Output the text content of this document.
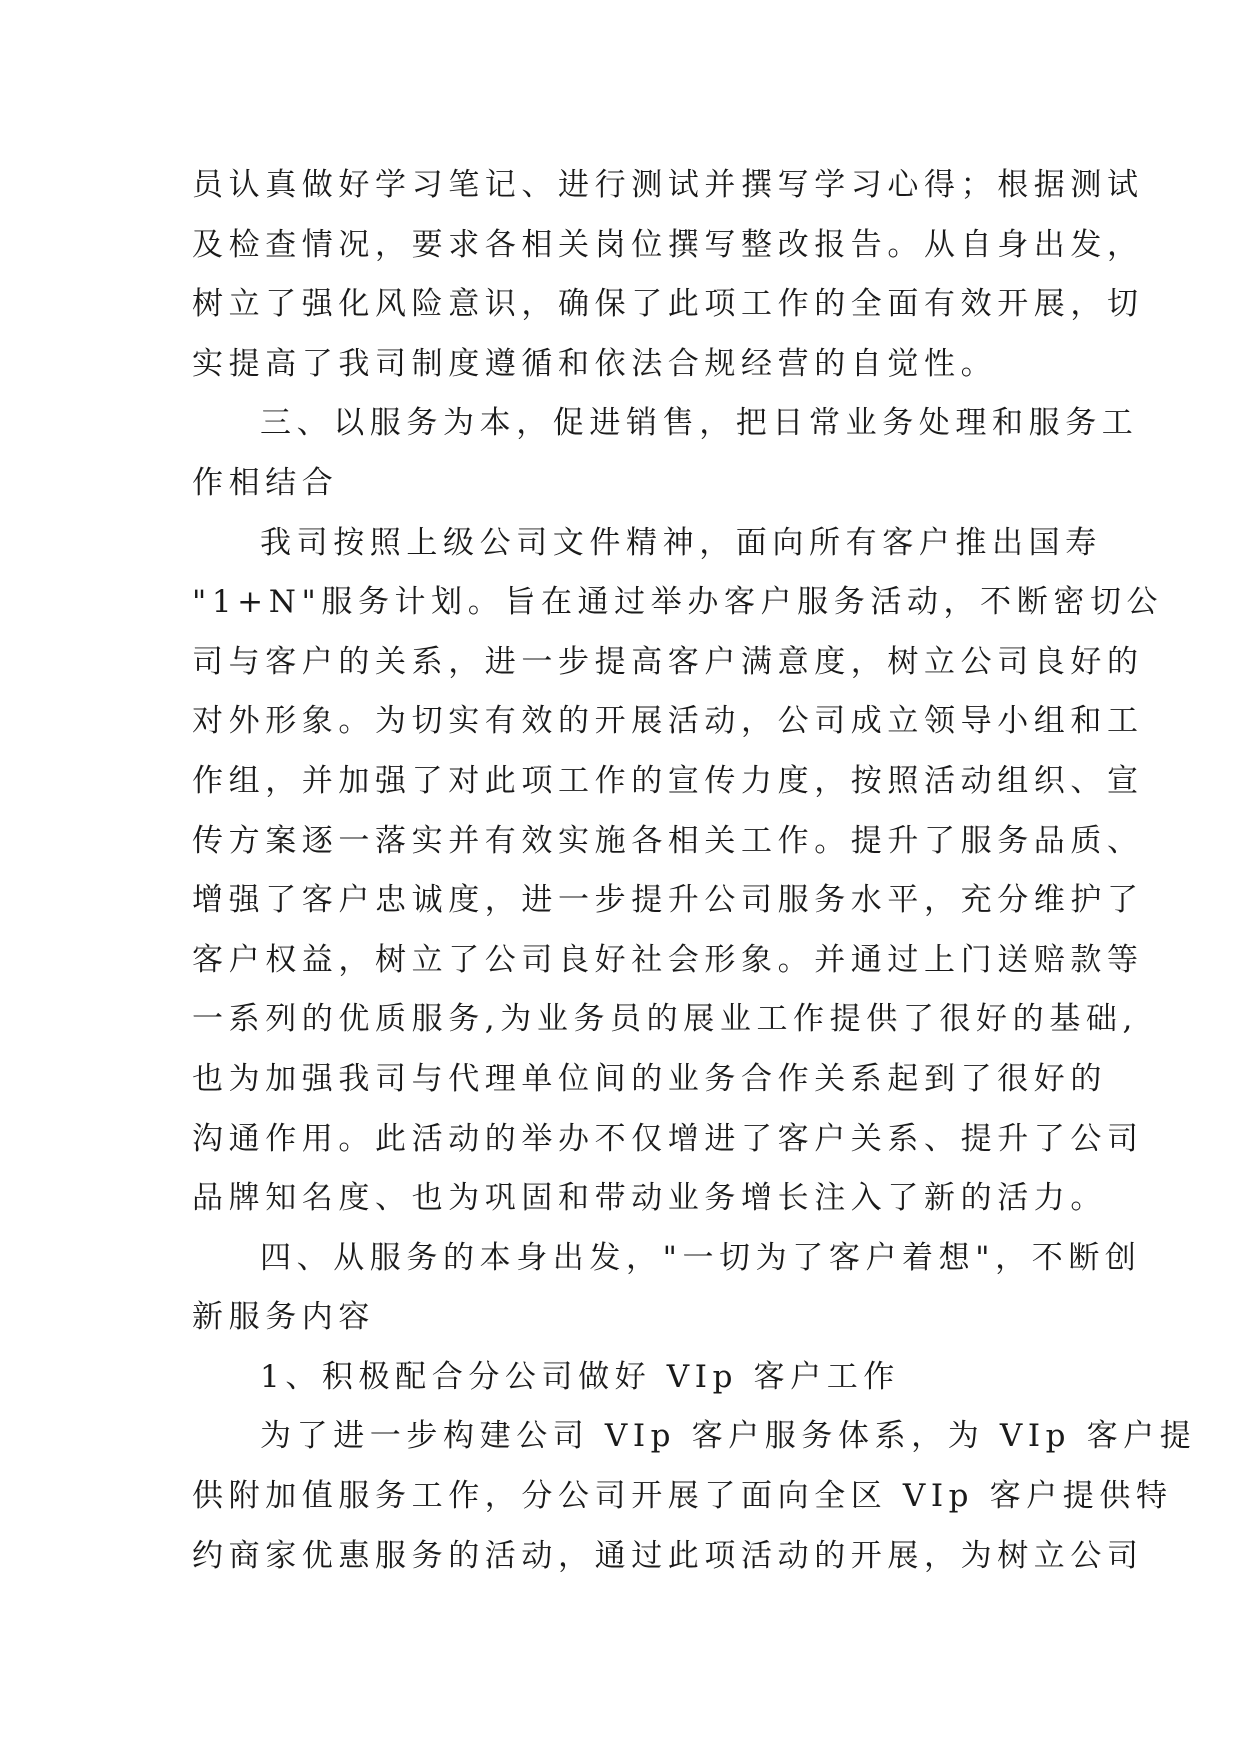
员认真做好学习笔记、进行测试并撰写学习心得；根据测试
及检查情况，要求各相关岗位撰写整改报告。从自身出发，
树立了强化风险意识，确保了此项工作的全面有效开展，切
实提高了我司制度遵循和依法合规经营的自觉性。
三、以服务为本，促进销售，把日常业务处理和服务工
作相结合
我司按照上级公司文件精神，面向所有客户推出国寿
"1+N"服务计划。旨在通过举办客户服务活动，不断密切公
司与客户的关系，进一步提高客户满意度，树立公司良好的
对外形象。为切实有效的开展活动，公司成立领导小组和工
作组，并加强了对此项工作的宣传力度，按照活动组织、宣
传方案逐一落实并有效实施各相关工作。提升了服务品质、
增强了客户忠诚度，进一步提升公司服务水平，充分维护了
客户权益，树立了公司良好社会形象。并通过上门送赔款等
一系列的优质服务,为业务员的展业工作提供了很好的基础,
也为加强我司与代理单位间的业务合作关系起到了很好的
沟通作用。此活动的举办不仅增进了客户关系、提升了公司
品牌知名度、也为巩固和带动业务增长注入了新的活力。
四、从服务的本身出发，"一切为了客户着想"，不断创
新服务内容
1、积极配合分公司做好 VIp 客户工作
为了进一步构建公司 VIp 客户服务体系，为 VIp 客户提
供附加值服务工作，分公司开展了面向全区 VIp 客户提供特
约商家优惠服务的活动，通过此项活动的开展，为树立公司
